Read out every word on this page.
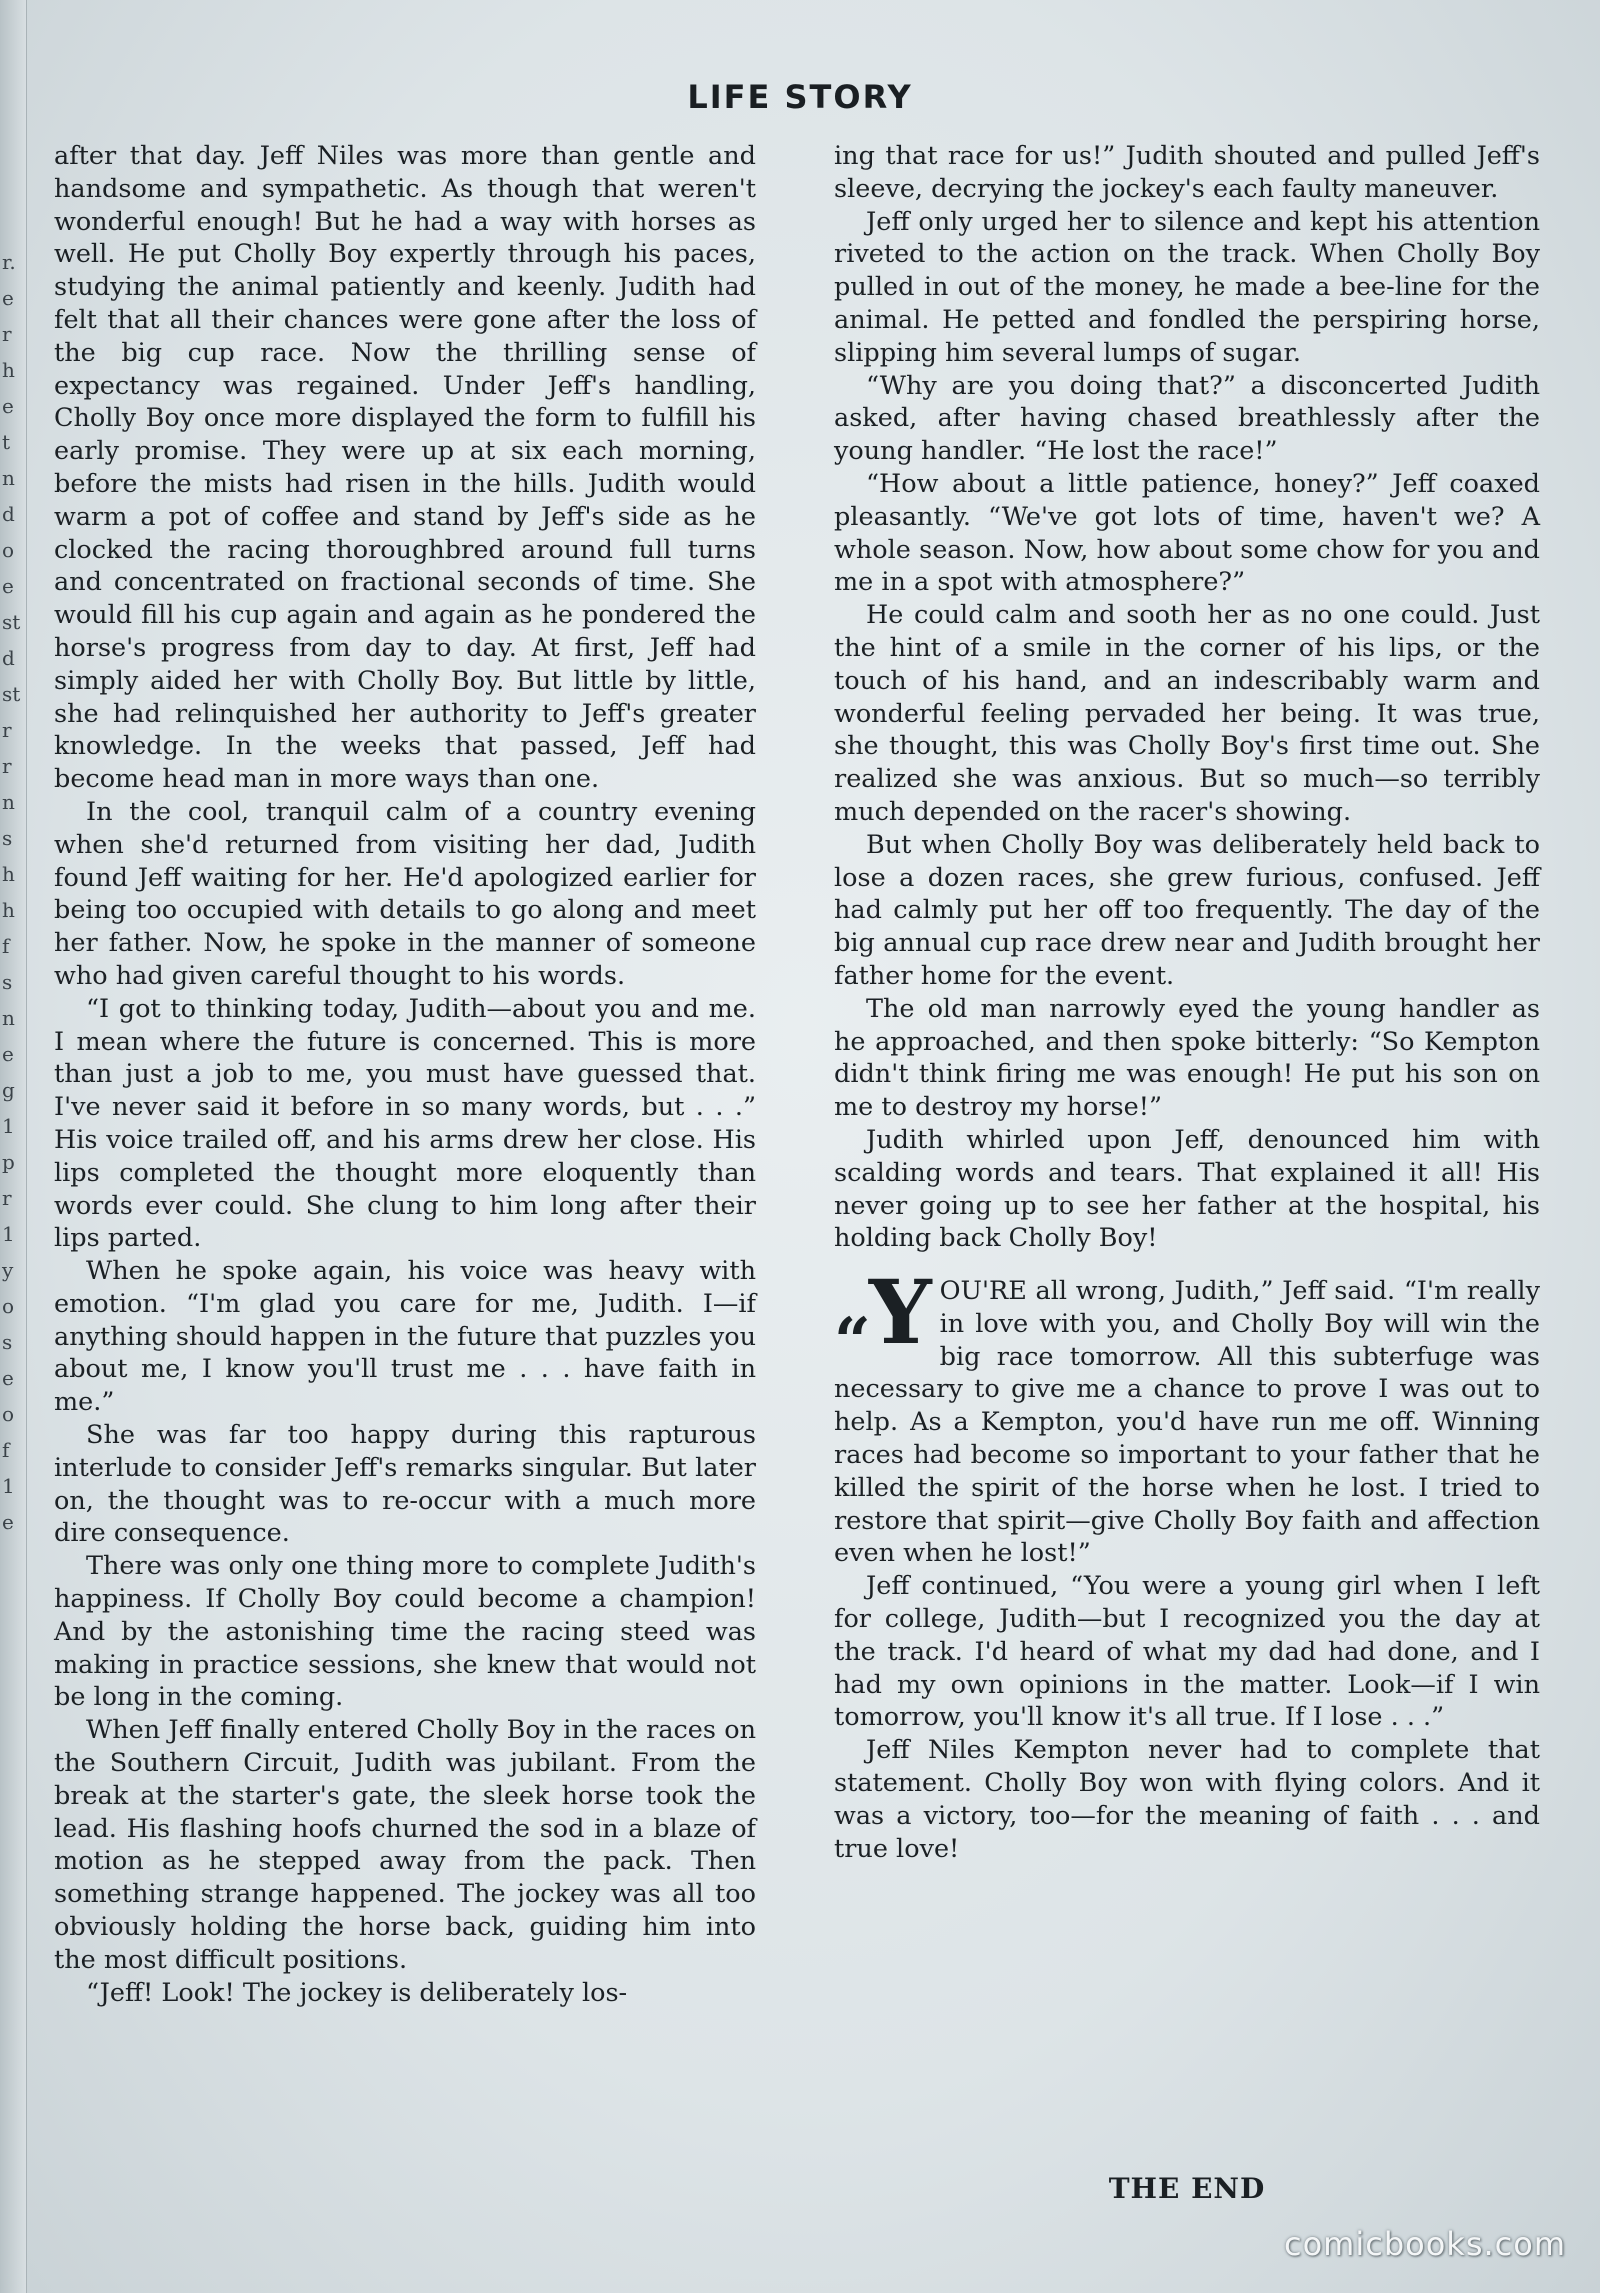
r.
e
r
h
e
t
n
d
o
e
st
d
st
r
r
n
s
h
h
f
s
n
e
g
1
p
r
1
y
o
s
e
o
f
1
e
LIFE STORY

after that day. Jeff Niles was more than gentle and handsome and sympathetic. As though that weren't wonderful enough! But he had a way with horses as well. He put Cholly Boy expertly through his paces, studying the animal patiently and keenly. Judith had felt that all their chances were gone after the loss of the big cup race. Now the thrilling sense of expectancy was regained. Under Jeff's handling, Cholly Boy once more displayed the form to fulfill his early promise. They were up at six each morning, before the mists had risen in the hills. Judith would warm a pot of coffee and stand by Jeff's side as he clocked the racing thoroughbred around full turns and concentrated on fractional seconds of time. She would fill his cup again and again as he pondered the horse's progress from day to day. At first, Jeff had simply aided her with Cholly Boy. But little by little, she had relinquished her authority to Jeff's greater knowledge. In the weeks that passed, Jeff had become head man in more ways than one.

In the cool, tranquil calm of a country evening when she'd returned from visiting her dad, Judith found Jeff waiting for her. He'd apologized earlier for being too occupied with details to go along and meet her father. Now, he spoke in the manner of someone who had given careful thought to his words.

“I got to thinking today, Judith—about you and me. I mean where the future is concerned. This is more than just a job to me, you must have guessed that. I've never said it before in so many words, but . . .” His voice trailed off, and his arms drew her close. His lips completed the thought more eloquently than words ever could. She clung to him long after their lips parted.

When he spoke again, his voice was heavy with emotion. “I'm glad you care for me, Judith. I—if anything should happen in the future that puzzles you about me, I know you'll trust me . . . have faith in me.”

She was far too happy during this rapturous interlude to consider Jeff's remarks singular. But later on, the thought was to re-occur with a much more dire consequence.

There was only one thing more to complete Judith's happiness. If Cholly Boy could become a champion! And by the astonishing time the racing steed was making in practice sessions, she knew that would not be long in the coming.

When Jeff finally entered Cholly Boy in the races on the Southern Circuit, Judith was jubilant. From the break at the starter's gate, the sleek horse took the lead. His flashing hoofs churned the sod in a blaze of motion as he stepped away from the pack. Then something strange happened. The jockey was all too obviously holding the horse back, guiding him into the most difficult positions.

“Jeff! Look! The jockey is deliberately los-

ing that race for us!” Judith shouted and pulled Jeff's sleeve, decrying the jockey's each faulty maneuver.

Jeff only urged her to silence and kept his attention riveted to the action on the track. When Cholly Boy pulled in out of the money, he made a bee-line for the animal. He petted and fondled the perspiring horse, slipping him several lumps of sugar.

“Why are you doing that?” a disconcerted Judith asked, after having chased breathlessly after the young handler. “He lost the race!”

“How about a little patience, honey?” Jeff coaxed pleasantly. “We've got lots of time, haven't we? A whole season. Now, how about some chow for you and me in a spot with atmosphere?”

He could calm and sooth her as no one could. Just the hint of a smile in the corner of his lips, or the touch of his hand, and an indescribably warm and wonderful feeling pervaded her being. It was true, she thought, this was Cholly Boy's first time out. She realized she was anxious. But so much—so terribly much depended on the racer's showing.

But when Cholly Boy was deliberately held back to lose a dozen races, she grew furious, confused. Jeff had calmly put her off too frequently. The day of the big annual cup race drew near and Judith brought her father home for the event.

The old man narrowly eyed the young handler as he approached, and then spoke bitterly: “So Kempton didn't think firing me was enough! He put his son on me to destroy my horse!”

Judith whirled upon Jeff, denounced him with scalding words and tears. That explained it all! His never going up to see her father at the hospital, his holding back Cholly Boy!

$_“$Y OU'RE all wrong, Judith,” Jeff said. “I'm really in love with you, and Cholly Boy will win the big race tomorrow. All this subterfuge was necessary to give me a chance to prove I was out to help. As a Kempton, you'd have run me off. Winning races had become so important to your father that he killed the spirit of the horse when he lost. I tried to restore that spirit—give Cholly Boy faith and affection even when he lost!”

Jeff continued, “You were a young girl when I left for college, Judith—but I recognized you the day at the track. I'd heard of what my dad had done, and I had my own opinions in the matter. Look—if I win tomorrow, you'll know it's all true. If I lose . . .”

Jeff Niles Kempton never had to complete that statement. Cholly Boy won with flying colors. And it was a victory, too—for the meaning of faith . . . and true love!

THE END
comicbooks.com
